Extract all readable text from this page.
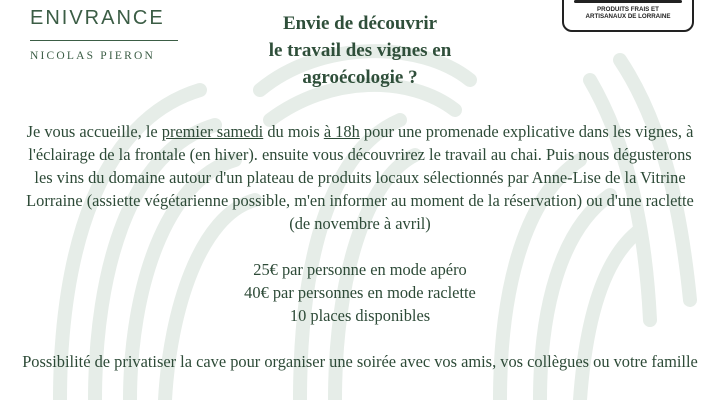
ENIVRANCE
NICOLAS PIERON
Envie de découvrir
le travail des vignes en
agroécologie ?
PRODUITS FRAIS ET
ARTISANAUX DE LORRAINE

Je vous accueille, le premier samedi du mois à 18h pour une promenade explicative dans les vignes, à l'éclairage de la frontale (en hiver). ensuite vous découvrirez le travail au chai. Puis nous dégusterons les vins du domaine autour d'un plateau de produits locaux sélectionnés par Anne-Lise de la Vitrine Lorraine (assiette végétarienne possible, m'en informer au moment de la réservation) ou d'une raclette (de novembre à avril)

25€ par personne en mode apéro
40€ par personnes en mode raclette
10 places disponibles

Possibilité de privatiser la cave pour organiser une soirée avec vos amis, vos collègues ou votre famille
